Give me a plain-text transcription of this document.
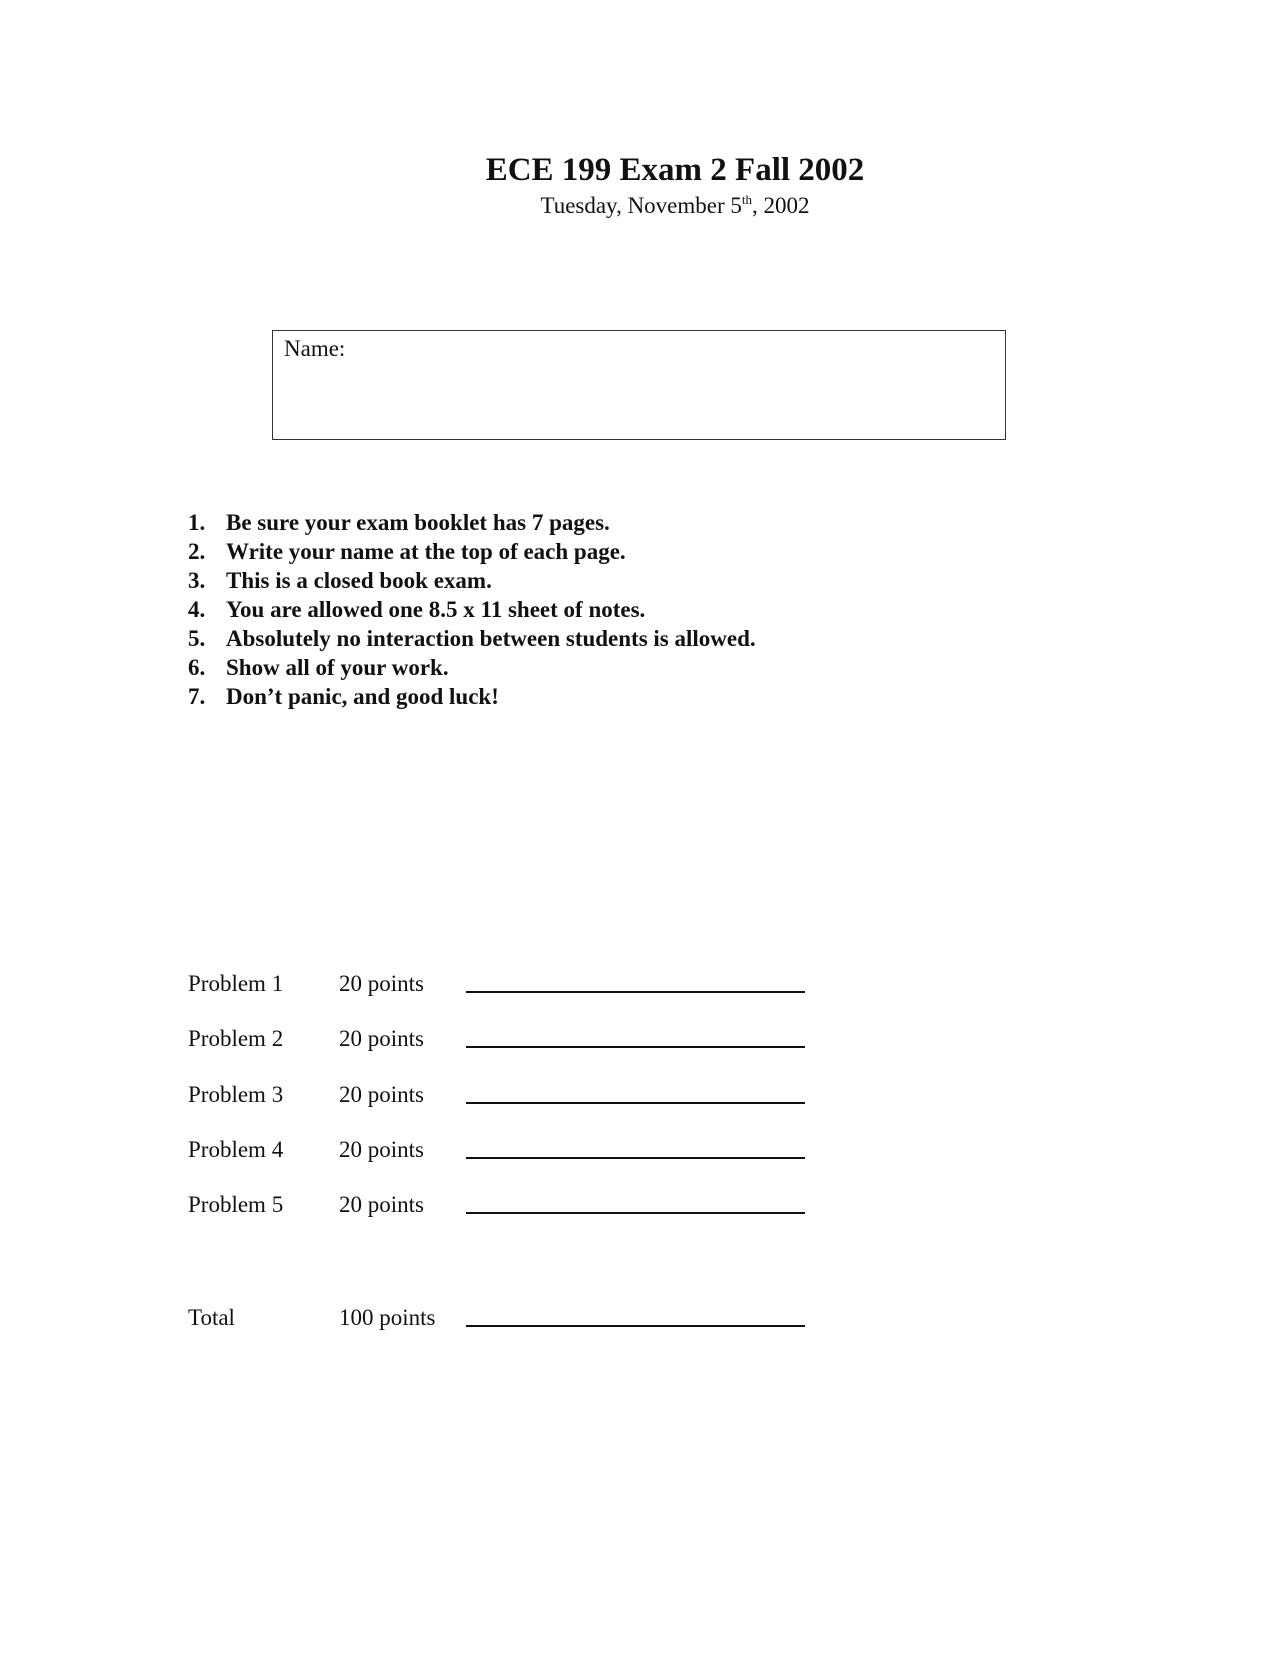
ECE 199 Exam 2 Fall 2002
Tuesday, November 5th, 2002
Name:
1. Be sure your exam booklet has 7 pages.
2. Write your name at the top of each page.
3. This is a closed book exam.
4. You are allowed one 8.5 x 11 sheet of notes.
5. Absolutely no interaction between students is allowed.
6. Show all of your work.
7. Don’t panic, and good luck!
Problem 1 20 points
Problem 2 20 points
Problem 3 20 points
Problem 4 20 points
Problem 5 20 points
Total	100 points
